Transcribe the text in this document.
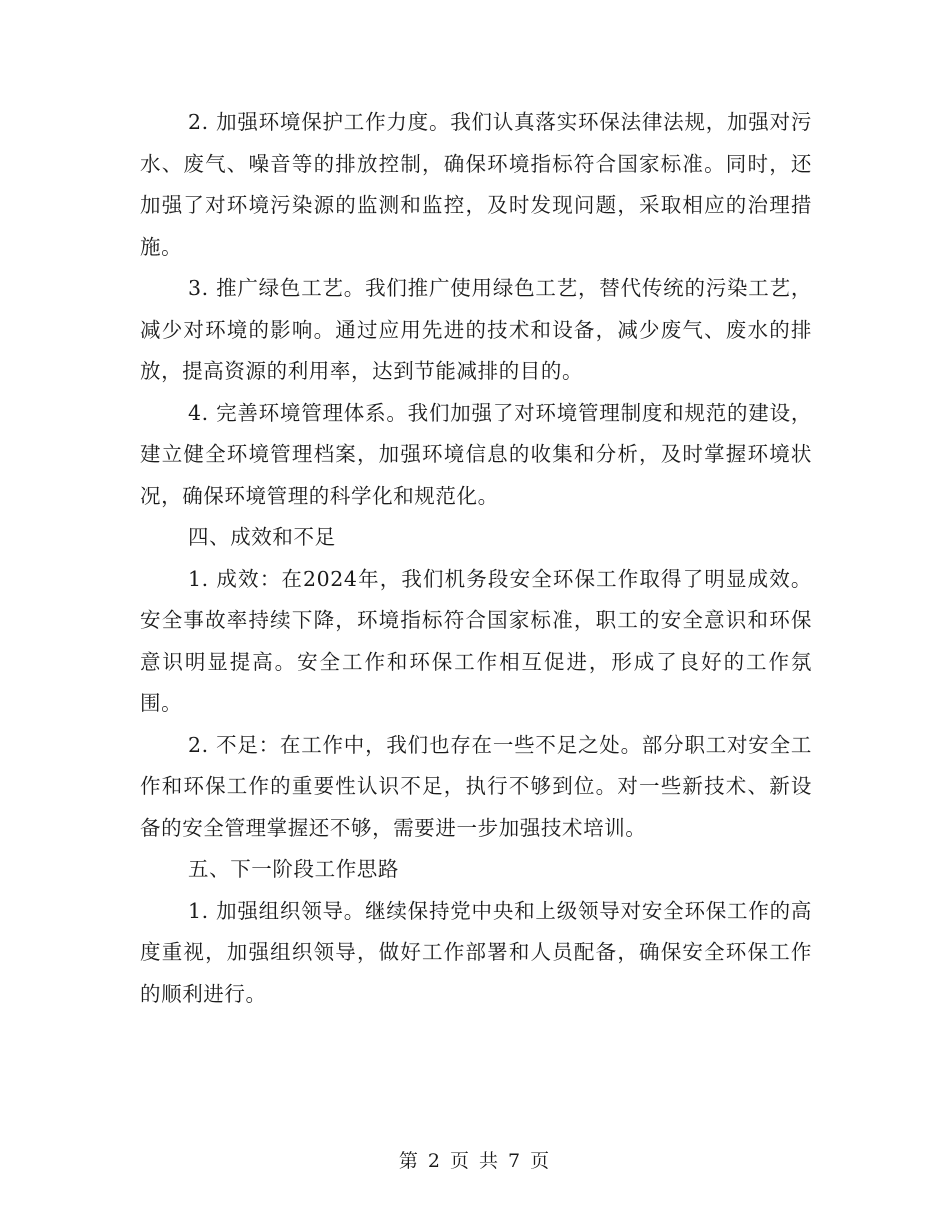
2. 加强环境保护工作力度。我们认真落实环保法律法规，加强对污水、废气、噪音等的排放控制，确保环境指标符合国家标准。同时，还加强了对环境污染源的监测和监控，及时发现问题，采取相应的治理措施。

3. 推广绿色工艺。我们推广使用绿色工艺，替代传统的污染工艺，减少对环境的影响。通过应用先进的技术和设备，减少废气、废水的排放，提高资源的利用率，达到节能减排的目的。

4. 完善环境管理体系。我们加强了对环境管理制度和规范的建设，建立健全环境管理档案，加强环境信息的收集和分析，及时掌握环境状况，确保环境管理的科学化和规范化。

四、成效和不足

1. 成效：在2024年，我们机务段安全环保工作取得了明显成效。安全事故率持续下降，环境指标符合国家标准，职工的安全意识和环保意识明显提高。安全工作和环保工作相互促进，形成了良好的工作氛围。

2. 不足：在工作中，我们也存在一些不足之处。部分职工对安全工作和环保工作的重要性认识不足，执行不够到位。对一些新技术、新设备的安全管理掌握还不够，需要进一步加强技术培训。

五、下一阶段工作思路

1. 加强组织领导。继续保持党中央和上级领导对安全环保工作的高度重视，加强组织领导，做好工作部署和人员配备，确保安全环保工作的顺利进行。

第 2 页 共 7 页
